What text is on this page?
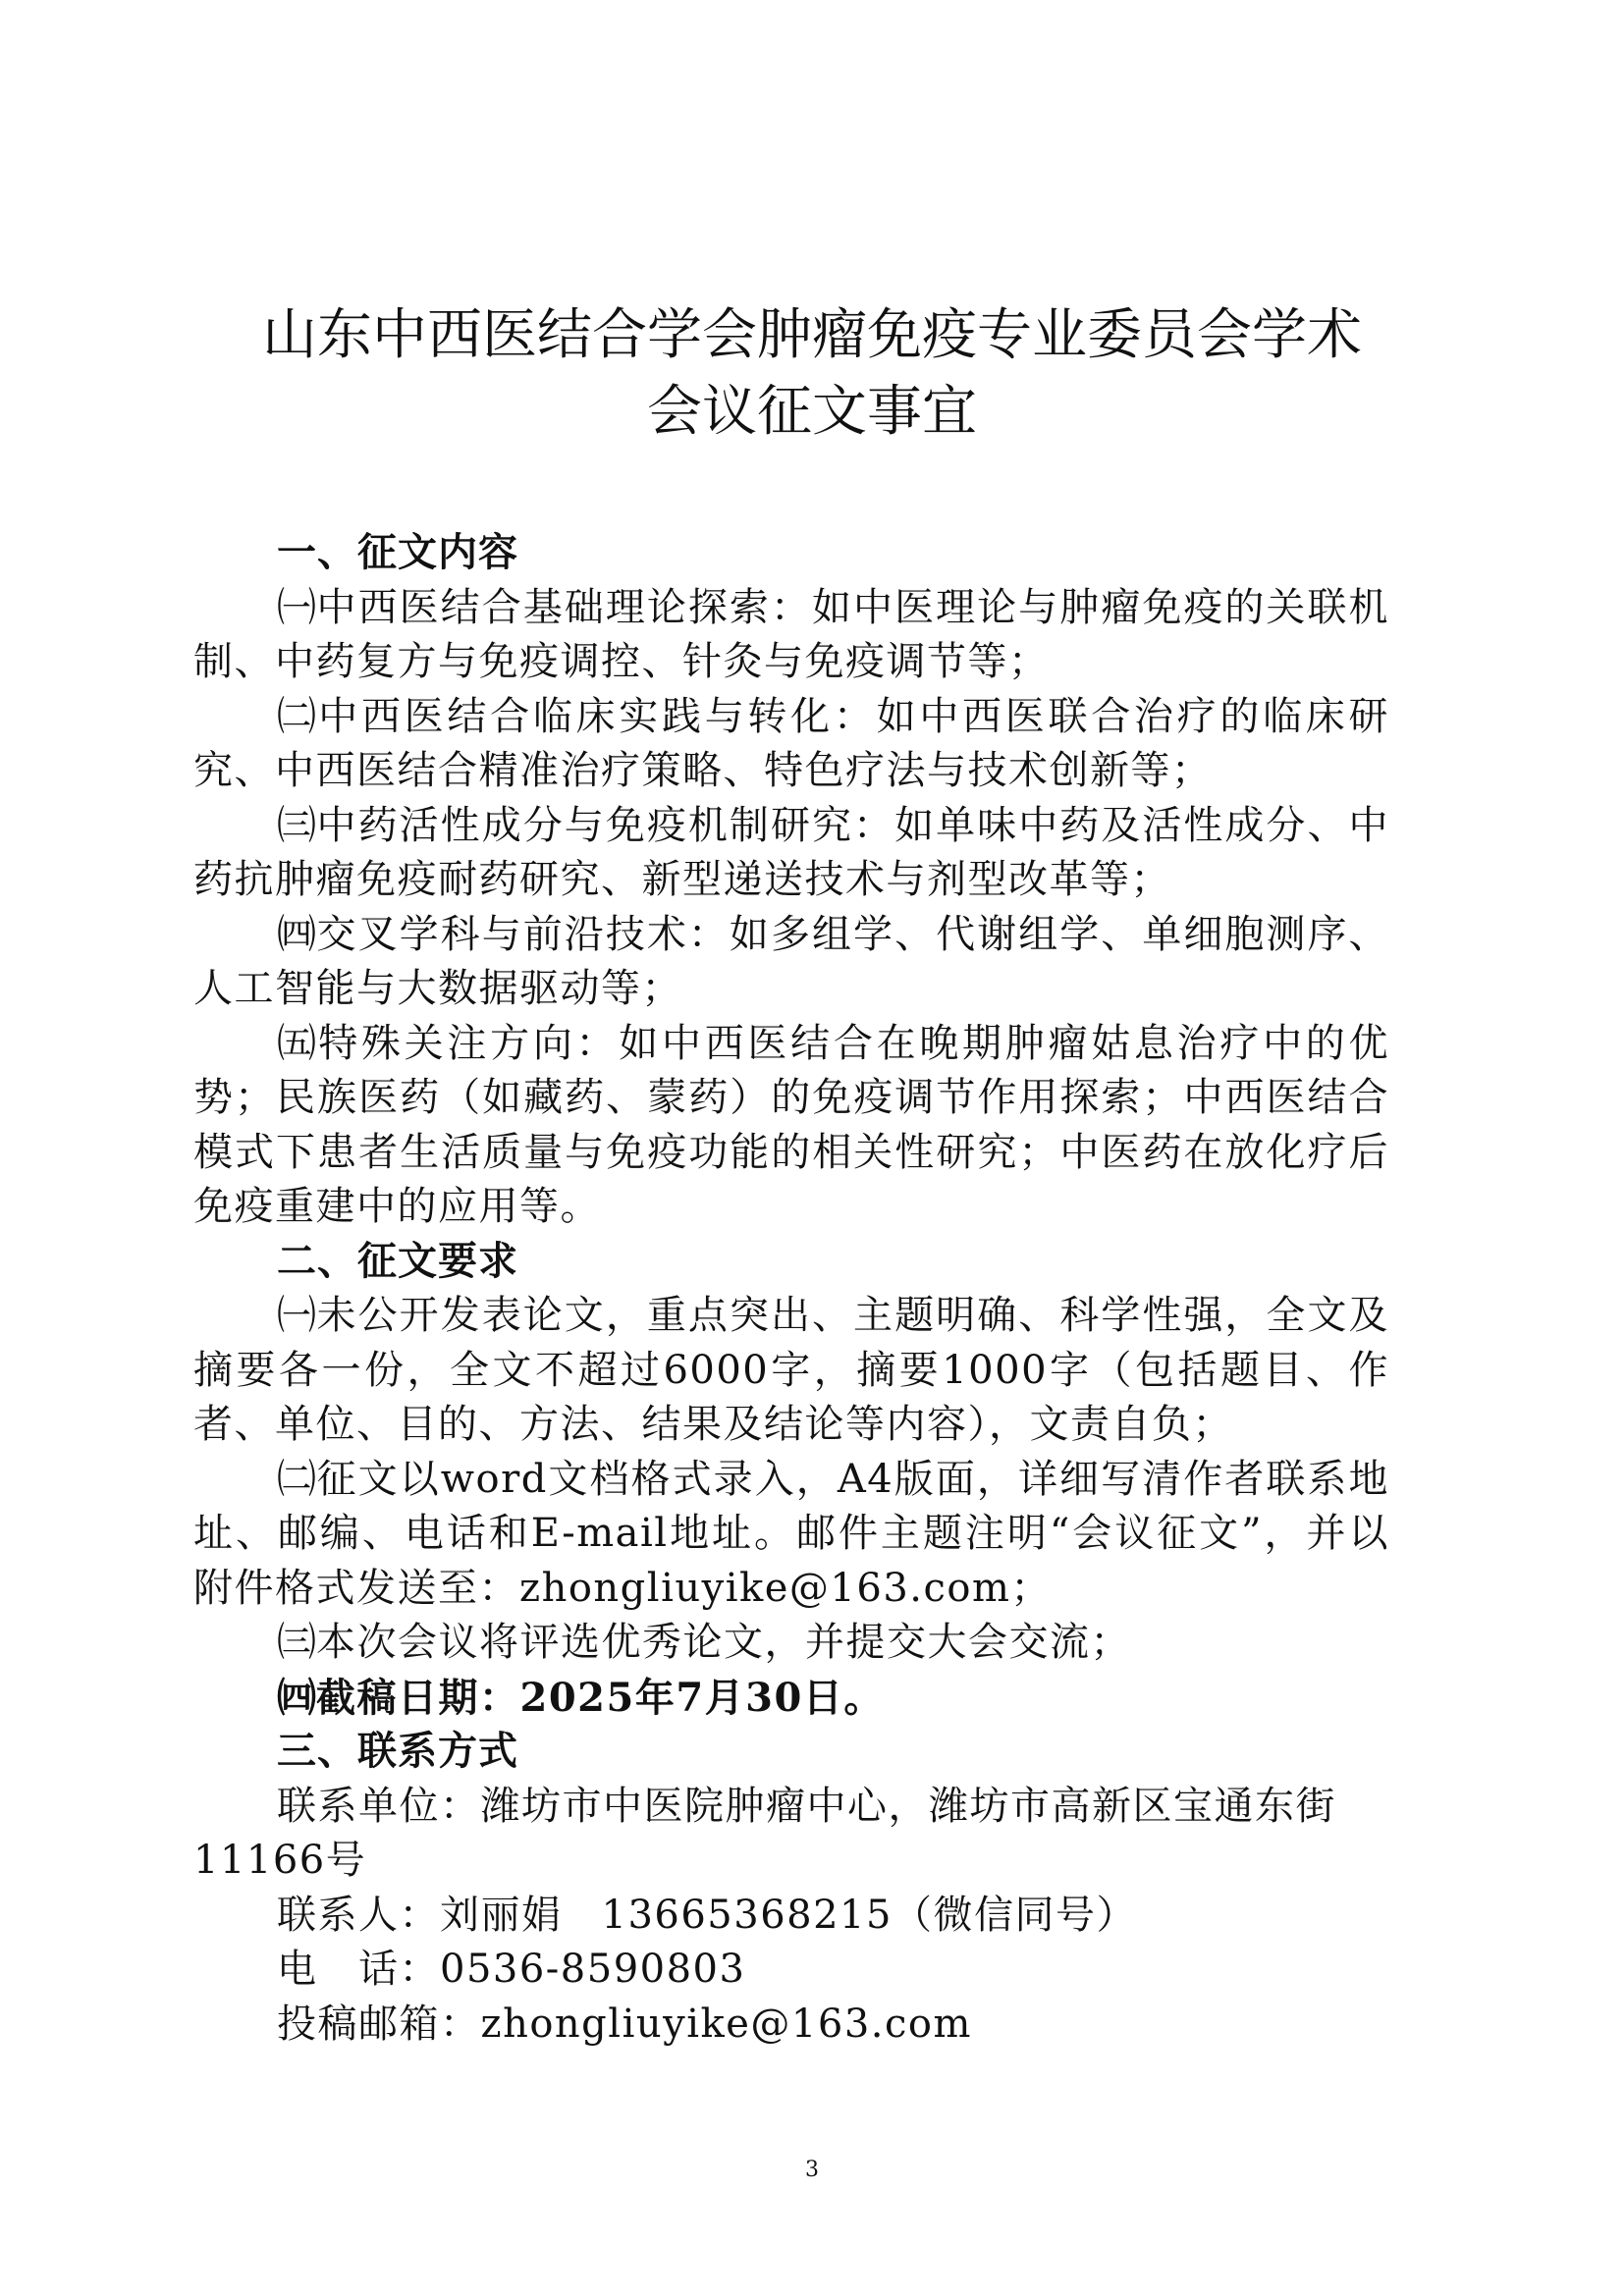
山东中西医结合学会肿瘤免疫专业委员会学术
会议征文事宜
一、征文内容
㈠中西医结合基础理论探索：如中医理论与肿瘤免疫的关联机制、中药复方与免疫调控、针灸与免疫调节等；
㈡中西医结合临床实践与转化：如中西医联合治疗的临床研究、中西医结合精准治疗策略、特色疗法与技术创新等；
㈢中药活性成分与免疫机制研究：如单味中药及活性成分、中药抗肿瘤免疫耐药研究、新型递送技术与剂型改革等；
㈣交叉学科与前沿技术：如多组学、代谢组学、单细胞测序、人工智能与大数据驱动等；
㈤特殊关注方向：如中西医结合在晚期肿瘤姑息治疗中的优势；民族医药（如藏药、蒙药）的免疫调节作用探索；中西医结合模式下患者生活质量与免疫功能的相关性研究；中医药在放化疗后免疫重建中的应用等。
二、征文要求
㈠未公开发表论文，重点突出、主题明确、科学性强，全文及摘要各一份，全文不超过6000字，摘要1000字（包括题目、作者、单位、目的、方法、结果及结论等内容），文责自负；
㈡征文以word文档格式录入，A4版面，详细写清作者联系地址、邮编、电话和E-mail地址。邮件主题注明“会议征文”，并以附件格式发送至：zhongliuyike@163.com；
㈢本次会议将评选优秀论文，并提交大会交流；
㈣截稿日期：2025年7月30日。
三、联系方式
联系单位：潍坊市中医院肿瘤中心，潍坊市高新区宝通东街11166号
联系人：刘丽娟 13665368215（微信同号）
电　话：0536-8590803
投稿邮箱：zhongliuyike@163.com
3
